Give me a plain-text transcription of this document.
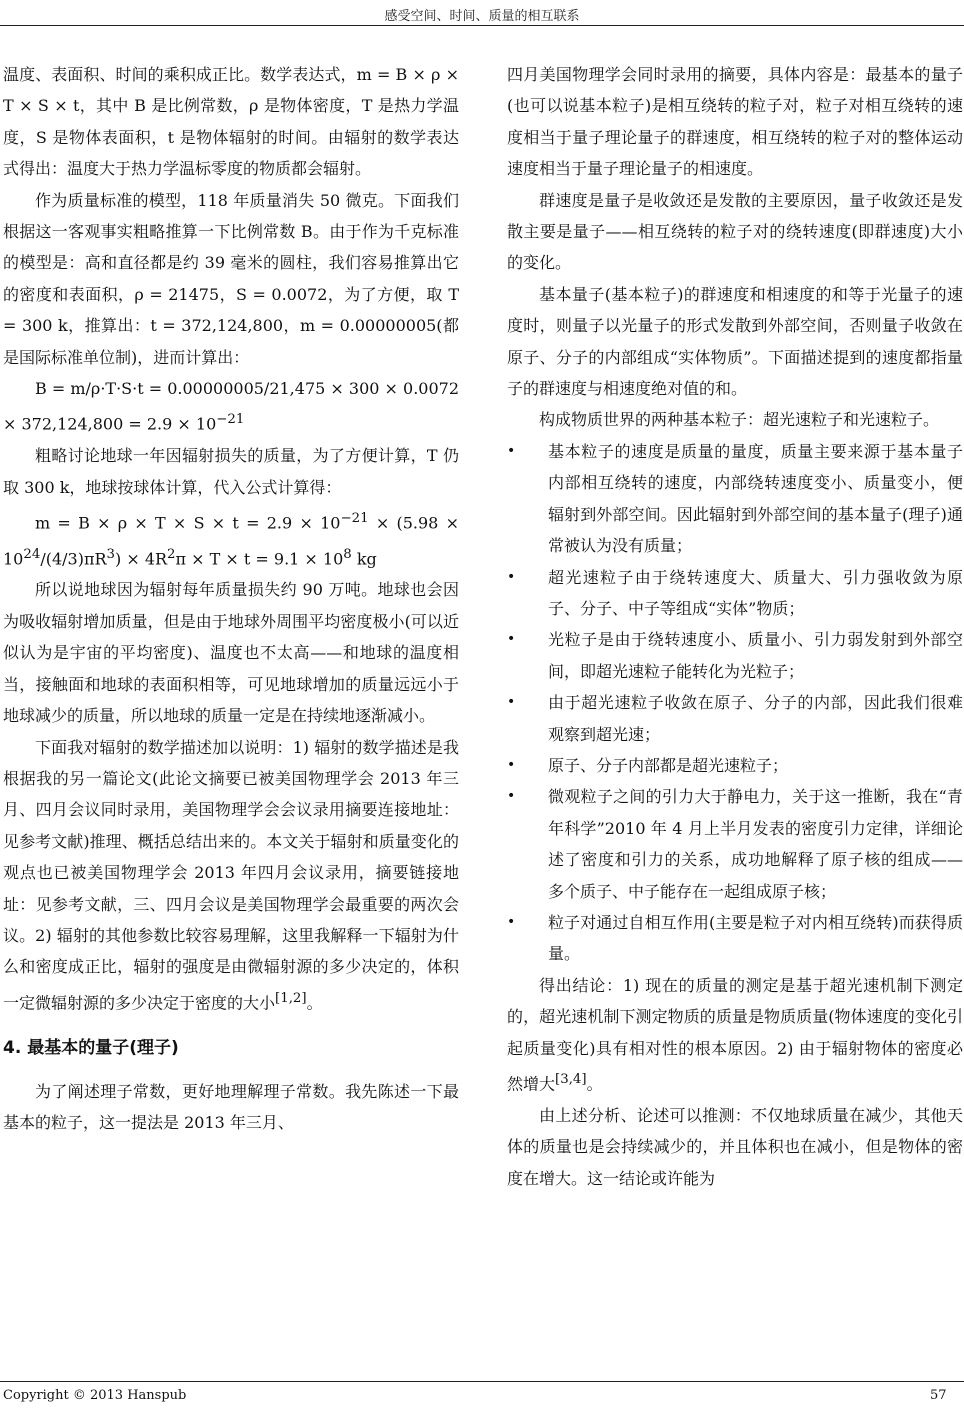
感受空间、时间、质量的相互联系

温度、表面积、时间的乘积成正比。数学表达式，m = B × ρ × T × S × t，其中 B 是比例常数，ρ 是物体密度，T 是热力学温度，S 是物体表面积，t 是物体辐射的时间。由辐射的数学表达式得出：温度大于热力学温标零度的物质都会辐射。

作为质量标准的模型，118 年质量消失 50 微克。下面我们根据这一客观事实粗略推算一下比例常数 B。由于作为千克标准的模型是：高和直径都是约 39 毫米的圆柱，我们容易推算出它的密度和表面积，ρ = 21475，S = 0.0072，为了方便，取 T = 300 k，推算出：t = 372,124,800，m = 0.00000005(都是国际标准单位制)，进而计算出：

$B = m/\rho\cdot T\cdot S\cdot t = 0.00000005/21,475 \times 300 \times 0.0072 \times 372,124,800 = 2.9 \times 10^{-21}$

粗略讨论地球一年因辐射损失的质量，为了方便计算，T 仍取 300 k，地球按球体计算，代入公式计算得：

$m = B \times \rho \times T \times S \times t = 2.9 \times 10^{-21} \times (5.98 \times 10^{24}/(4/3)\pi R^3) \times 4R^2\pi \times T \times t = 9.1 \times 10^8$ kg

所以说地球因为辐射每年质量损失约 90 万吨。地球也会因为吸收辐射增加质量，但是由于地球外周围平均密度极小(可以近似认为是宇宙的平均密度)、温度也不太高——和地球的温度相当，接触面和地球的表面积相等，可见地球增加的质量远远小于地球减少的质量，所以地球的质量一定是在持续地逐渐减小。

下面我对辐射的数学描述加以说明：1) 辐射的数学描述是我根据我的另一篇论文(此论文摘要已被美国物理学会 2013 年三月、四月会议同时录用，美国物理学会会议录用摘要连接地址：见参考文献)推理、概括总结出来的。本文关于辐射和质量变化的观点也已被美国物理学会 2013 年四月会议录用，摘要链接地址：见参考文献，三、四月会议是美国物理学会最重要的两次会议。2) 辐射的其他参数比较容易理解，这里我解释一下辐射为什么和密度成正比，辐射的强度是由微辐射源的多少决定的，体积一定微辐射源的多少决定于密度的大小[1,2]。

4. 最基本的量子(理子)

为了阐述理子常数，更好地理解理子常数。我先陈述一下最基本的粒子，这一提法是 2013 年三月、

四月美国物理学会同时录用的摘要，具体内容是：最基本的量子(也可以说基本粒子)是相互绕转的粒子对，粒子对相互绕转的速度相当于量子理论量子的群速度，相互绕转的粒子对的整体运动速度相当于量子理论量子的相速度。

群速度是量子是收敛还是发散的主要原因，量子收敛还是发散主要是量子——相互绕转的粒子对的绕转速度(即群速度)大小的变化。

基本量子(基本粒子)的群速度和相速度的和等于光量子的速度时，则量子以光量子的形式发散到外部空间，否则量子收敛在原子、分子的内部组成“实体物质”。下面描述提到的速度都指量子的群速度与相速度绝对值的和。

构成物质世界的两种基本粒子：超光速粒子和光速粒子。

• 基本粒子的速度是质量的量度，质量主要来源于基本量子内部相互绕转的速度，内部绕转速度变小、质量变小，便辐射到外部空间。因此辐射到外部空间的基本量子(理子)通常被认为没有质量；
• 超光速粒子由于绕转速度大、质量大、引力强收敛为原子、分子、中子等组成“实体”物质；
• 光粒子是由于绕转速度小、质量小、引力弱发射到外部空间，即超光速粒子能转化为光粒子；
• 由于超光速粒子收敛在原子、分子的内部，因此我们很难观察到超光速；
• 原子、分子内部都是超光速粒子；
• 微观粒子之间的引力大于静电力，关于这一推断，我在“青年科学”2010 年 4 月上半月发表的密度引力定律，详细论述了密度和引力的关系，成功地解释了原子核的组成——多个质子、中子能存在一起组成原子核；
• 粒子对通过自相互作用(主要是粒子对内相互绕转)而获得质量。

得出结论：1) 现在的质量的测定是基于超光速机制下测定的，超光速机制下测定物质的质量是物质质量(物体速度的变化引起质量变化)具有相对性的根本原因。2) 由于辐射物体的密度必然增大[3,4]。

由上述分析、论述可以推测：不仅地球质量在减少，其他天体的质量也是会持续减少的，并且体积也在减小，但是物体的密度在增大。这一结论或许能为

Copyright © 2013 Hanspub	57
